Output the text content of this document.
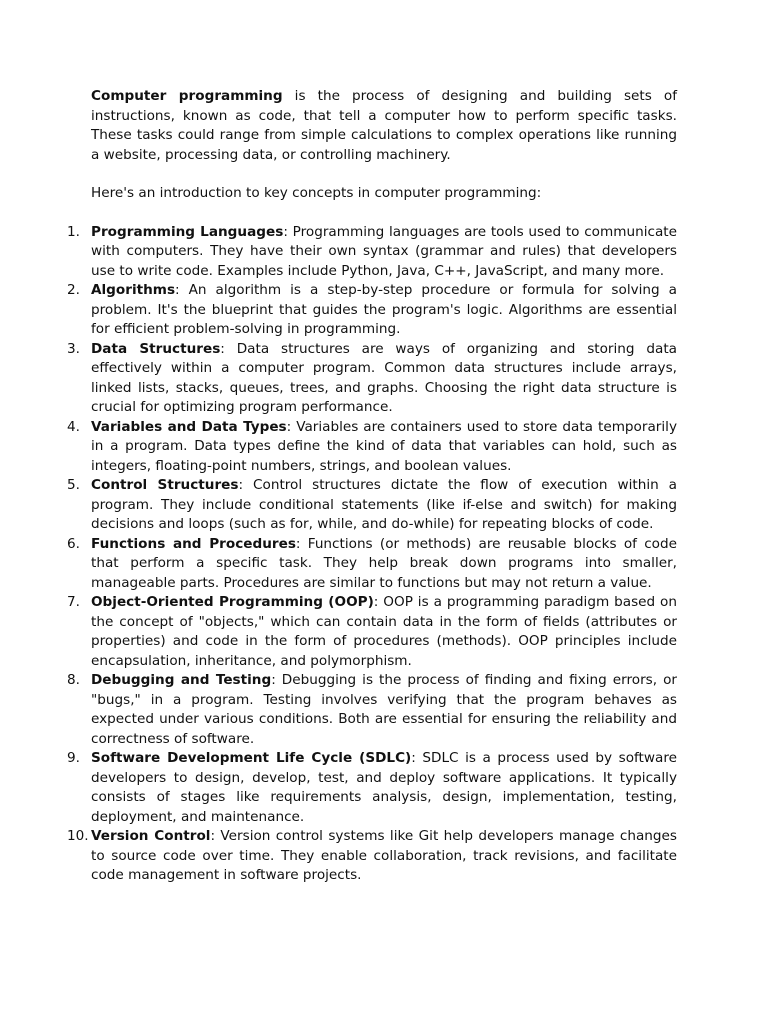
Computer programming is the process of designing and building sets of instructions, known as code, that tell a computer how to perform specific tasks. These tasks could range from simple calculations to complex operations like running a website, processing data, or controlling machinery.

Here's an introduction to key concepts in computer programming:

1. Programming Languages: Programming languages are tools used to communicate with computers. They have their own syntax (grammar and rules) that developers use to write code. Examples include Python, Java, C++, JavaScript, and many more.
2. Algorithms: An algorithm is a step-by-step procedure or formula for solving a problem. It's the blueprint that guides the program's logic. Algorithms are essential for efficient problem-solving in programming.
3. Data Structures: Data structures are ways of organizing and storing data effectively within a computer program. Common data structures include arrays, linked lists, stacks, queues, trees, and graphs. Choosing the right data structure is crucial for optimizing program performance.
4. Variables and Data Types: Variables are containers used to store data temporarily in a program. Data types define the kind of data that variables can hold, such as integers, floating-point numbers, strings, and boolean values.
5. Control Structures: Control structures dictate the flow of execution within a program. They include conditional statements (like if-else and switch) for making decisions and loops (such as for, while, and do-while) for repeating blocks of code.
6. Functions and Procedures: Functions (or methods) are reusable blocks of code that perform a specific task. They help break down programs into smaller, manageable parts. Procedures are similar to functions but may not return a value.
7. Object-Oriented Programming (OOP): OOP is a programming paradigm based on the concept of "objects," which can contain data in the form of fields (attributes or properties) and code in the form of procedures (methods). OOP principles include encapsulation, inheritance, and polymorphism.
8. Debugging and Testing: Debugging is the process of finding and fixing errors, or "bugs," in a program. Testing involves verifying that the program behaves as expected under various conditions. Both are essential for ensuring the reliability and correctness of software.
9. Software Development Life Cycle (SDLC): SDLC is a process used by software developers to design, develop, test, and deploy software applications. It typically consists of stages like requirements analysis, design, implementation, testing, deployment, and maintenance.
10. Version Control: Version control systems like Git help developers manage changes to source code over time. They enable collaboration, track revisions, and facilitate code management in software projects.
